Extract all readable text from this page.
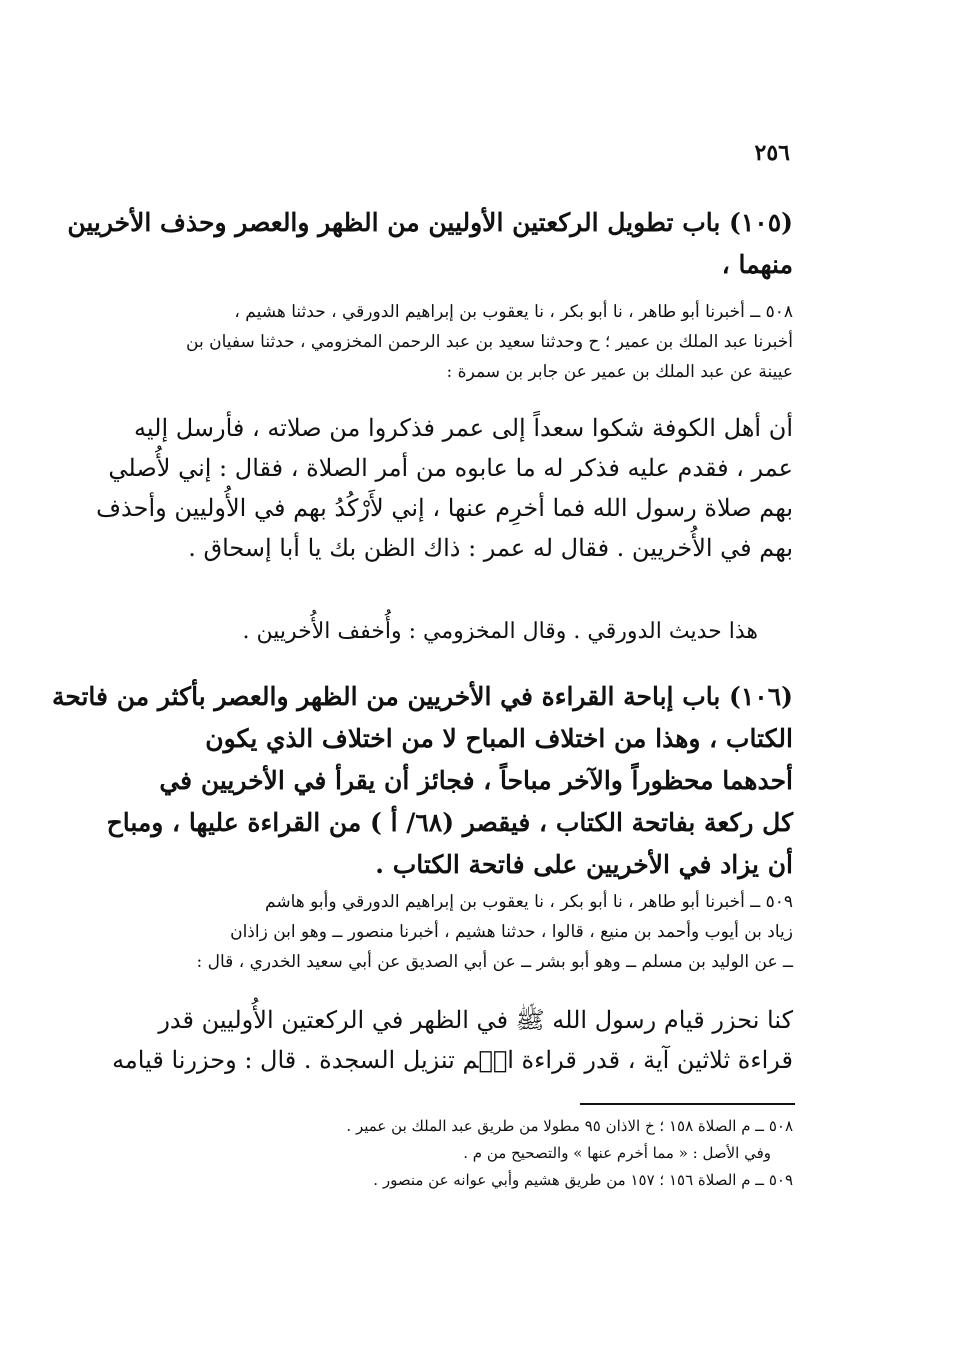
٢٥٦
(١٠٥) باب تطويل الركعتين الأوليين من الظهر والعصر وحذف الأخريين
منهما ،
٥٠٨ ــ أخبرنا أبو طاهر ، نا أبو بكر ، نا يعقوب بن إبراهيم الدورقي ، حدثنا هشيم ،
أخبرنا عبد الملك بن عمير ؛ ح وحدثنا سعيد بن عبد الرحمن المخزومي ، حدثنا سفيان بن
عيينة عن عبد الملك بن عمير عن جابر بن سمرة :
أن أهل الكوفة شكوا سعداً إلى عمر فذكروا من صلاته ، فأرسل إليه
عمر ، فقدم عليه فذكر له ما عابوه من أمر الصلاة ، فقال : إني لأُصلي
بهم صلاة رسول الله فما أخرِم عنها ، إني لأَرْكُدُ بهم في الأُوليين وأحذف
بهم في الأُخريين . فقال له عمر : ذاك الظن بك يا أبا إسحاق .
هذا حديث الدورقي . وقال المخزومي : وأُخفف الأُخريين .
(١٠٦) باب إباحة القراءة في الأخريين من الظهر والعصر بأكثر من فاتحة
الكتاب ، وهذا من اختلاف المباح لا من اختلاف الذي يكون
أحدهما محظوراً والآخر مباحاً ، فجائز أن يقرأ في الأخريين في
كل ركعة بفاتحة الكتاب ، فيقصر (٦٨/ أ ) من القراءة عليها ، ومباح
أن يزاد في الأخريين على فاتحة الكتاب .
٥٠٩ ــ أخبرنا أبو طاهر ، نا أبو بكر ، نا يعقوب بن إبراهيم الدورقي وأبو هاشم
زياد بن أيوب وأحمد بن منيع ، قالوا ، حدثنا هشيم ، أخبرنا منصور ــ وهو ابن زاذان
ــ عن الوليد بن مسلم ــ وهو أبو بشر ــ عن أبي الصديق عن أبي سعيد الخدري ، قال :
كنا نحزر قيام رسول الله ﷺ في الظهر في الركعتين الأُوليين قدر
قراءة ثلاثين آية ، قدر قراءة الۤم تنزيل السجدة . قال : وحزرنا قيامه
٥٠٨ ــ م الصلاة ١٥٨ ؛ خ الاذان ٩٥ مطولا من طريق عبد الملك بن عمير .
وفي الأصل : « مما أخرم عنها » والتصحيح من م .
٥٠٩ ــ م الصلاة ١٥٦ ؛ ١٥٧ من طريق هشيم وأبي عوانه عن منصور .
